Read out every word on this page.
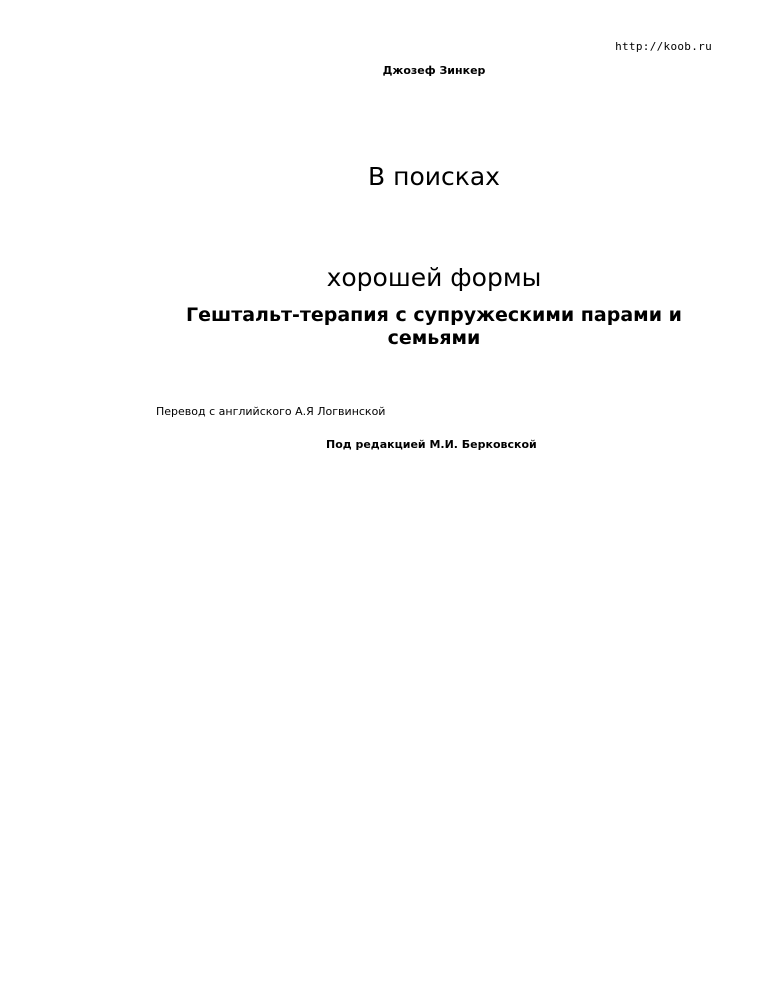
http://koob.ru
Джозеф Зинкер
В поисках
хорошей формы
Гештальт-терапия с супружескими парами и семьями
Перевод с английского А.Я Логвинской
Под редакцией М.И. Берковской
